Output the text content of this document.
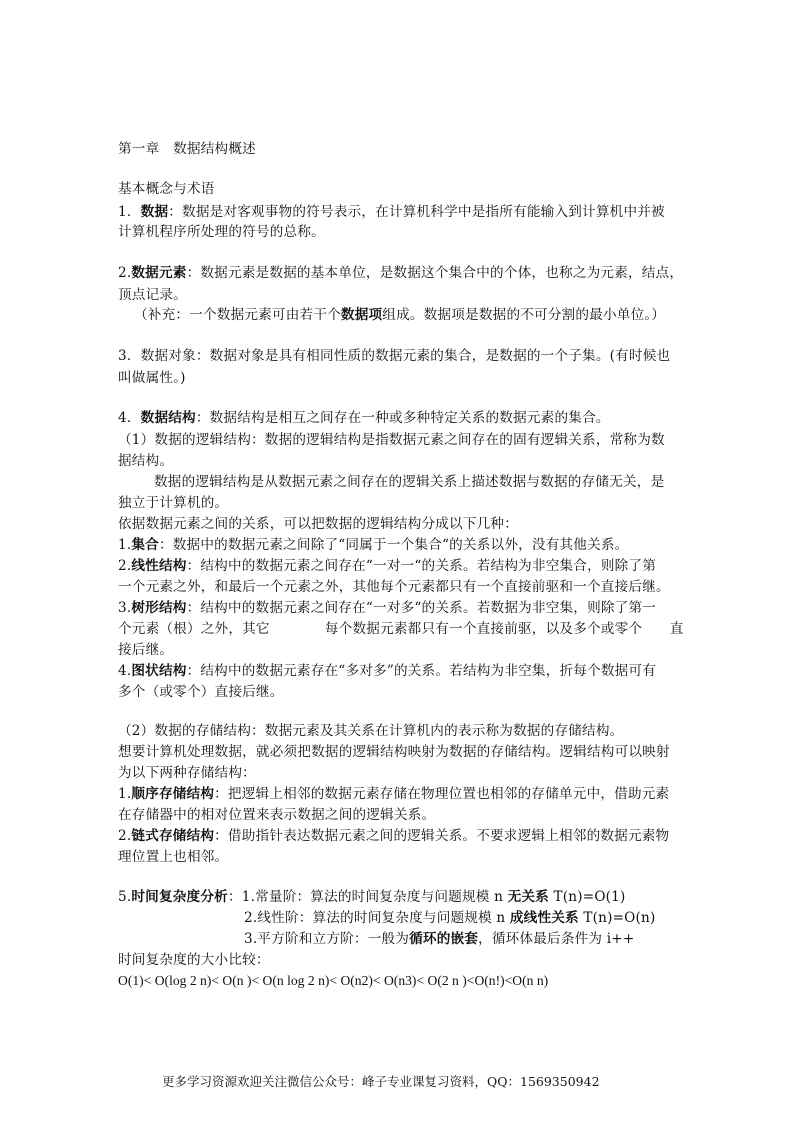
第一章　数据结构概述
基本概念与术语
1．数据：数据是对客观事物的符号表示，在计算机科学中是指所有能输入到计算机中并被
计算机程序所处理的符号的总称。
2.数据元素：数据元素是数据的基本单位，是数据这个集合中的个体，也称之为元素，结点，
顶点记录。
（补充：一个数据元素可由若干个数据项组成。数据项是数据的不可分割的最小单位。）
3．数据对象：数据对象是具有相同性质的数据元素的集合，是数据的一个子集。(有时候也
叫做属性。)
4．数据结构：数据结构是相互之间存在一种或多种特定关系的数据元素的集合。
（1）数据的逻辑结构：数据的逻辑结构是指数据元素之间存在的固有逻辑关系，常称为数
据结构。
数据的逻辑结构是从数据元素之间存在的逻辑关系上描述数据与数据的存储无关，是
独立于计算机的。
依据数据元素之间的关系，可以把数据的逻辑结构分成以下几种：
1.集合：数据中的数据元素之间除了“同属于一个集合“的关系以外，没有其他关系。
2.线性结构：结构中的数据元素之间存在“一对一“的关系。若结构为非空集合，则除了第
一个元素之外，和最后一个元素之外，其他每个元素都只有一个直接前驱和一个直接后继。
3.树形结构：结构中的数据元素之间存在“一对多“的关系。若数据为非空集，则除了第一
个元素（根）之外，其它　　　　每个数据元素都只有一个直接前驱，以及多个或零个　　直
接后继。
4.图状结构：结构中的数据元素存在“多对多”的关系。若结构为非空集，折每个数据可有
多个（或零个）直接后继。
（2）数据的存储结构：数据元素及其关系在计算机内的表示称为数据的存储结构。
想要计算机处理数据，就必须把数据的逻辑结构映射为数据的存储结构。逻辑结构可以映射
为以下两种存储结构：
1.顺序存储结构：把逻辑上相邻的数据元素存储在物理位置也相邻的存储单元中，借助元素
在存储器中的相对位置来表示数据之间的逻辑关系。
2.链式存储结构：借助指针表达数据元素之间的逻辑关系。不要求逻辑上相邻的数据元素物
理位置上也相邻。
5.时间复杂度分析：1.常量阶：算法的时间复杂度与问题规模 n 无关系 T(n)=O(1)
2.线性阶：算法的时间复杂度与问题规模 n 成线性关系 T(n)=O(n)
3.平方阶和立方阶：一般为循环的嵌套，循环体最后条件为 i++
时间复杂度的大小比较：
O(1)< O(log 2 n)< O(n )< O(n log 2 n)< O(n2)< O(n3)< O(2 n )<O(n!)<O(n n)
更多学习资源欢迎关注微信公众号：峰子专业课复习资料，QQ：1569350942
